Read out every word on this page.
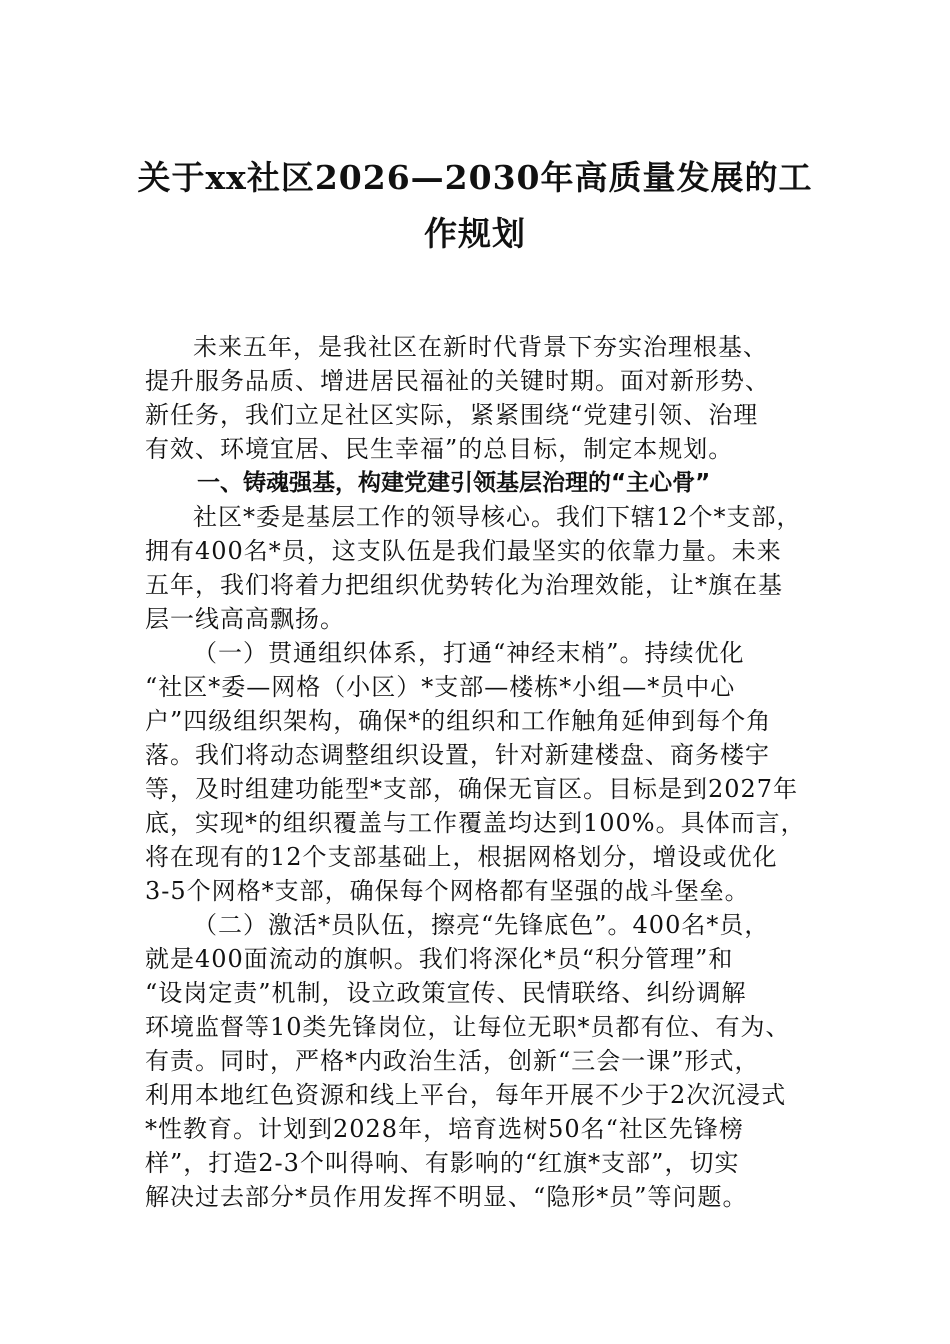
关于xx社区2026—2030年高质量发展的工
作规划

未来五年，是我社区在新时代背景下夯实治理根基、
提升服务品质、增进居民福祉的关键时期。面对新形势、
新任务，我们立足社区实际，紧紧围绕“党建引领、治理
有效、环境宜居、民生幸福”的总目标，制定本规划。

一、铸魂强基，构建党建引领基层治理的“主心骨”

社区*委是基层工作的领导核心。我们下辖12个*支部，
拥有400名*员，这支队伍是我们最坚实的依靠力量。未来
五年，我们将着力把组织优势转化为治理效能，让*旗在基
层一线高高飘扬。

（一）贯通组织体系，打通“神经末梢”。持续优化
“社区*委—网格（小区）*支部—楼栋*小组—*员中心
户”四级组织架构，确保*的组织和工作触角延伸到每个角
落。我们将动态调整组织设置，针对新建楼盘、商务楼宇
等，及时组建功能型*支部，确保无盲区。目标是到2027年
底，实现*的组织覆盖与工作覆盖均达到100%。具体而言，
将在现有的12个支部基础上，根据网格划分，增设或优化
3-5个网格*支部，确保每个网格都有坚强的战斗堡垒。

（二）激活*员队伍，擦亮“先锋底色”。400名*员，
就是400面流动的旗帜。我们将深化*员“积分管理”和
“设岗定责”机制，设立政策宣传、民情联络、纠纷调解
环境监督等10类先锋岗位，让每位无职*员都有位、有为、
有责。同时，严格*内政治生活，创新“三会一课”形式，
利用本地红色资源和线上平台，每年开展不少于2次沉浸式
*性教育。计划到2028年，培育选树50名“社区先锋榜
样”，打造2-3个叫得响、有影响的“红旗*支部”，切实
解决过去部分*员作用发挥不明显、“隐形*员”等问题。
